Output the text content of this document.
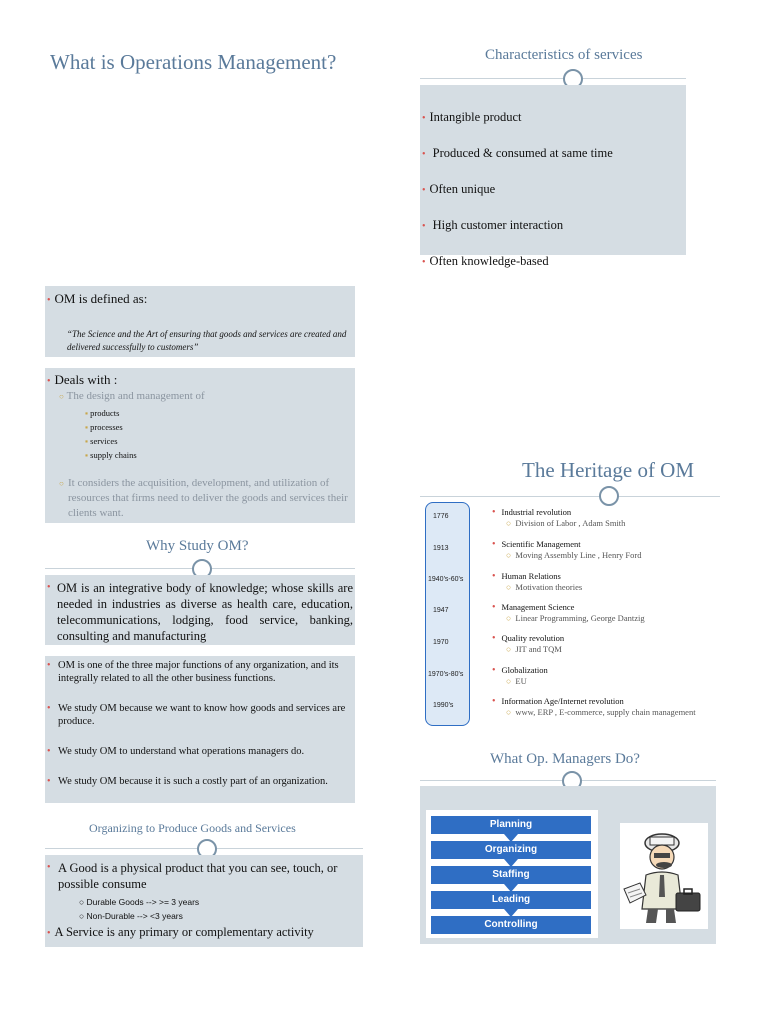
What is Operations Management?	Characteristics of services
• Intangible product
• Produced & consumed at same time
• Often unique
• High customer interaction
• Often knowledge-based
• OM is defined as:
“The Science and the Art of ensuring that goods and services are created and delivered successfully to customers”
• Deals with :
○ The design and management of
▪ products
▪ processes
▪ services
▪ supply chains
○ It considers the acquisition, development, and utilization of resources that firms need to deliver the goods and services their clients want.
Why Study OM?
• OM is an integrative body of knowledge; whose skills are needed in industries as diverse as health care, education, telecommunications, lodging, food service, banking, consulting and manufacturing
• OM is one of the three major functions of any organization, and its integrally related to all the other business functions.
• We study OM because we want to know how goods and services are produce.
• We study OM to understand what operations managers do.
• We study OM because it is such a costly part of an organization.
Organizing to Produce Goods and Services
• A Good is a physical product that you can see, touch, or possible consume
○ Durable Goods --> >= 3 years
○ Non-Durable --> <3 years
• A Service is any primary or complementary activity
The Heritage of OM
1776	• Industrial revolution
○ Division of Labor , Adam Smith
1913	• Scientific Management
○ Moving Assembly Line , Henry Ford
1940's-60's	• Human Relations
○ Motivation theories
1947	• Management Science
○ Linear Programming, George Dantzig
1970	• Quality revolution
○ JIT and TQM
1970's-80's	• Globalization
○ EU
1990's	• Information Age/Internet revolution
○ www, ERP , E-commerce, supply chain management
What Op. Managers Do?
Planning
Organizing
Staffing
Leading
Controlling
